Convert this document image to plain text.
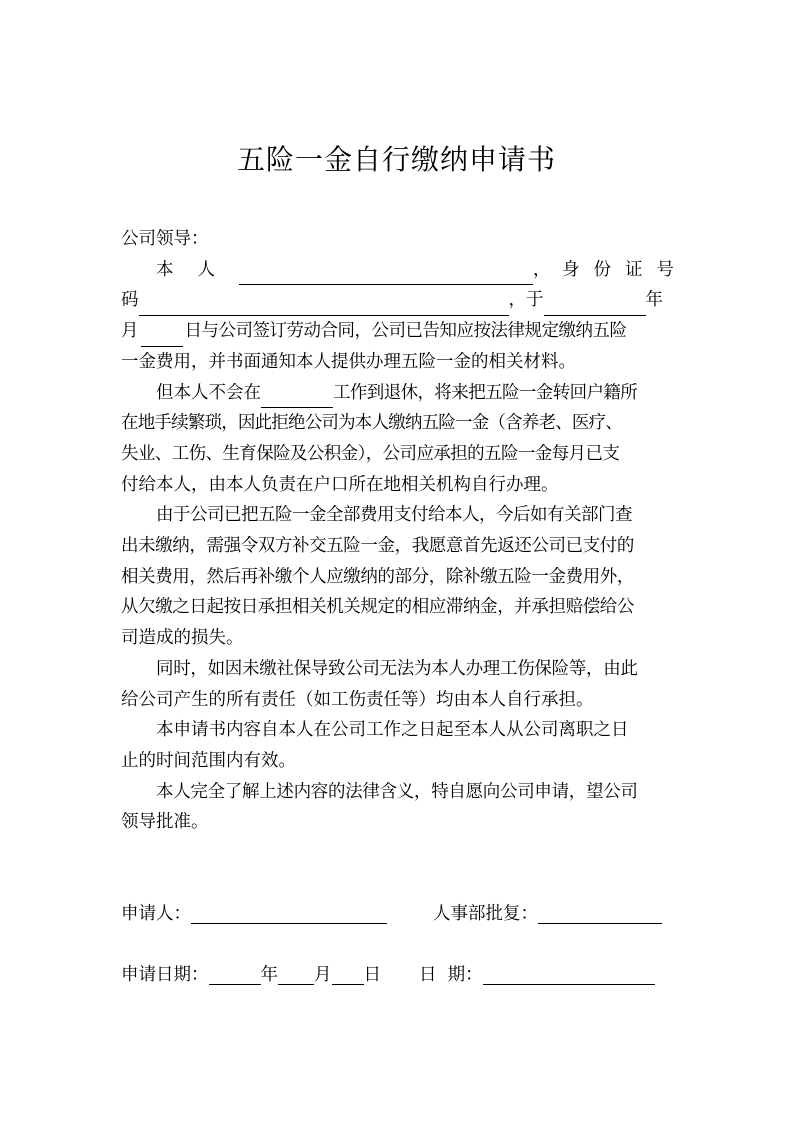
五险一金自行缴纳申请书

公司领导：

本 人	， 身 份 证 号
码	，于	年
月	日与公司签订劳动合同，公司已告知应按法律规定缴纳五险

一金费用，并书面通知本人提供办理五险一金的相关材料。

但本人不会在	工作到退休，将来把五险一金转回户籍所

在地手续繁琐，因此拒绝公司为本人缴纳五险一金（含养老、医疗、

失业、工伤、生育保险及公积金），公司应承担的五险一金每月已支

付给本人，由本人负责在户口所在地相关机构自行办理。

由于公司已把五险一金全部费用支付给本人，今后如有关部门查

出未缴纳，需强令双方补交五险一金，我愿意首先返还公司已支付的

相关费用，然后再补缴个人应缴纳的部分，除补缴五险一金费用外，

从欠缴之日起按日承担相关机关规定的相应滞纳金，并承担赔偿给公

司造成的损失。

同时，如因未缴社保导致公司无法为本人办理工伤保险等，由此

给公司产生的所有责任（如工伤责任等）均由本人自行承担。

本申请书内容自本人在公司工作之日起至本人从公司离职之日

止的时间范围内有效。

本人完全了解上述内容的法律含义，特自愿向公司申请，望公司

领导批准。

申请人：	人事部批复：
申请日期：	年 月 日 日  期：
